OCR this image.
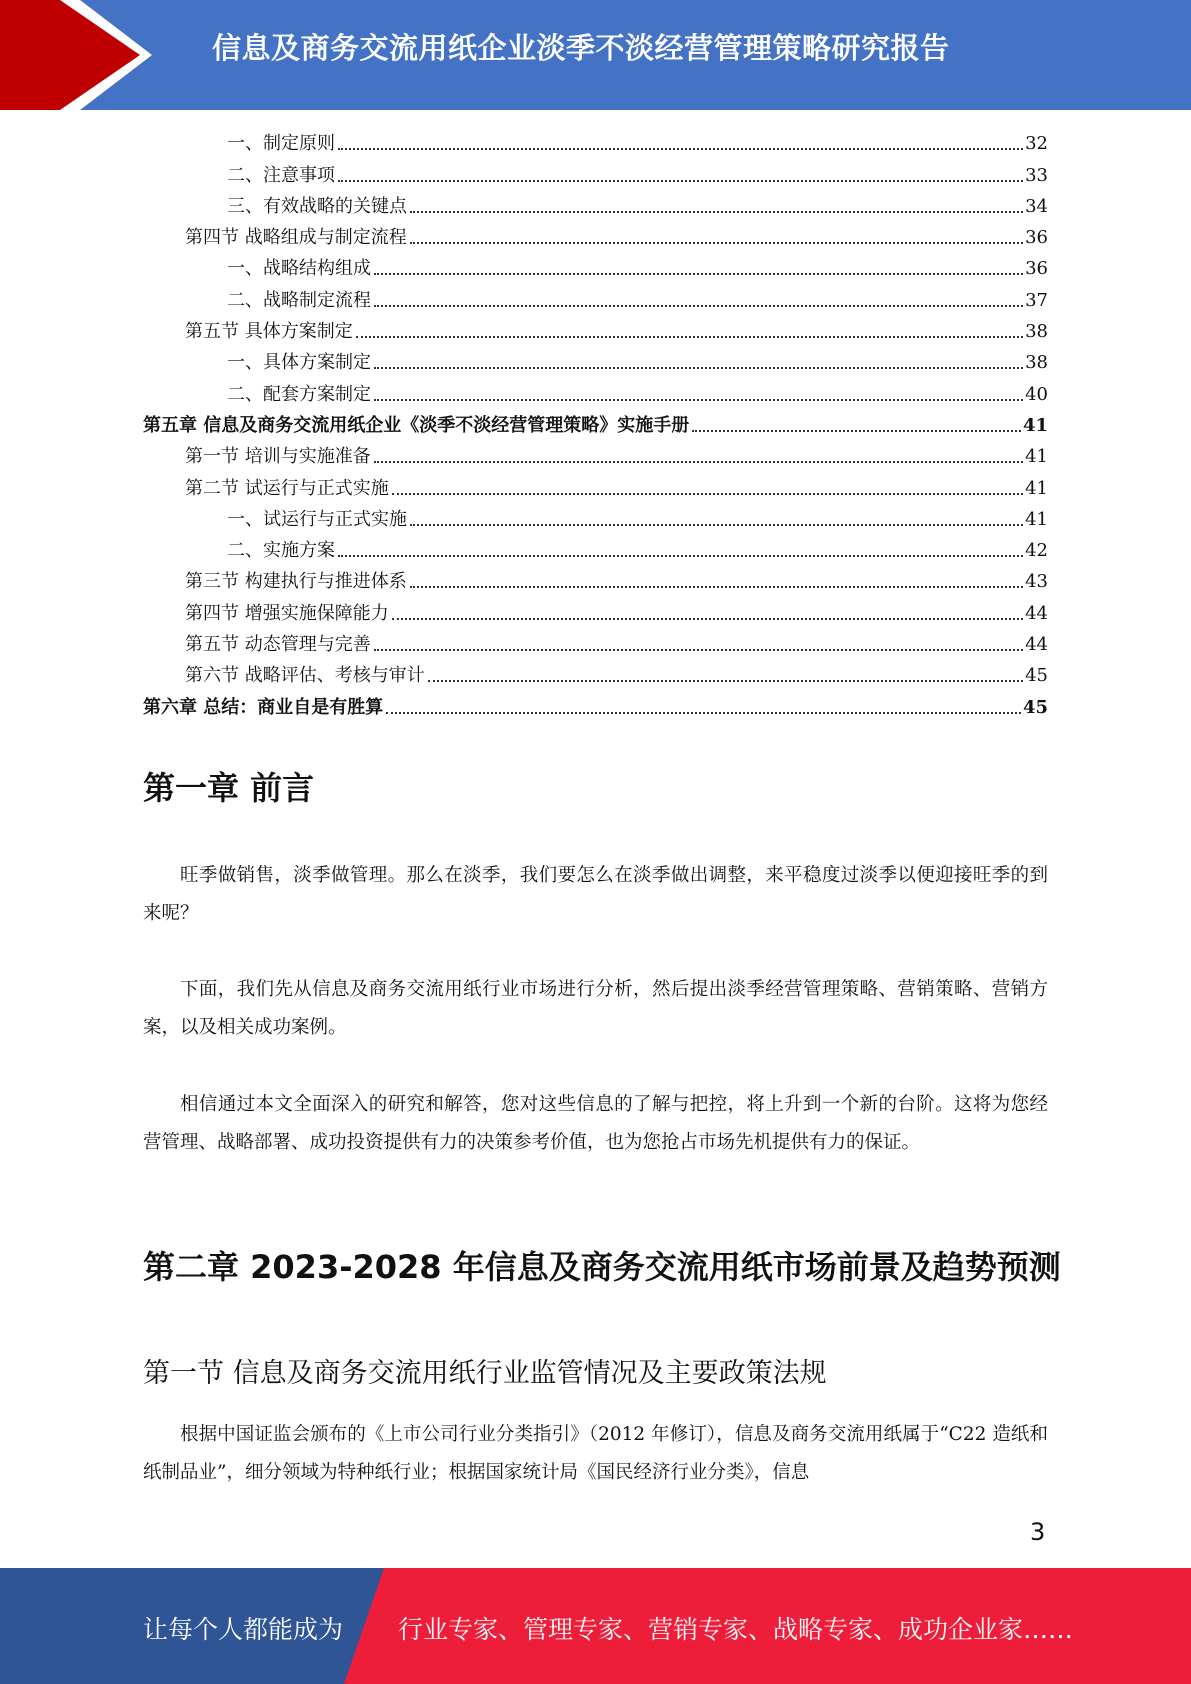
信息及商务交流用纸企业淡季不淡经营管理策略研究报告
一、制定原则	32
二、注意事项	33
三、有效战略的关键点	34
第四节 战略组成与制定流程	36
一、战略结构组成	36
二、战略制定流程	37
第五节 具体方案制定	38
一、具体方案制定	38
二、配套方案制定	40
第五章 信息及商务交流用纸企业《淡季不淡经营管理策略》实施手册	41
第一节 培训与实施准备	41
第二节 试运行与正式实施	41
一、试运行与正式实施	41
二、实施方案	42
第三节 构建执行与推进体系	43
第四节 增强实施保障能力	44
第五节 动态管理与完善	44
第六节 战略评估、考核与审计	45
第六章 总结：商业自是有胜算	45
第一章 前言

旺季做销售，淡季做管理。那么在淡季，我们要怎么在淡季做出调整，来平稳度过淡季以便迎接旺季的到来呢？

下面，我们先从信息及商务交流用纸行业市场进行分析，然后提出淡季经营管理策略、营销策略、营销方案，以及相关成功案例。

相信通过本文全面深入的研究和解答，您对这些信息的了解与把控，将上升到一个新的台阶。这将为您经营管理、战略部署、成功投资提供有力的决策参考价值，也为您抢占市场先机提供有力的保证。

第二章 2023-2028 年信息及商务交流用纸市场前景及趋势预测
第一节 信息及商务交流用纸行业监管情况及主要政策法规

根据中国证监会颁布的《上市公司行业分类指引》（2012 年修订），信息及商务交流用纸属于“C22 造纸和纸制品业”，细分领域为特种纸行业；根据国家统计局《国民经济行业分类》，信息

3
让每个人都能成为 行业专家、管理专家、营销专家、战略专家、成功企业家……
